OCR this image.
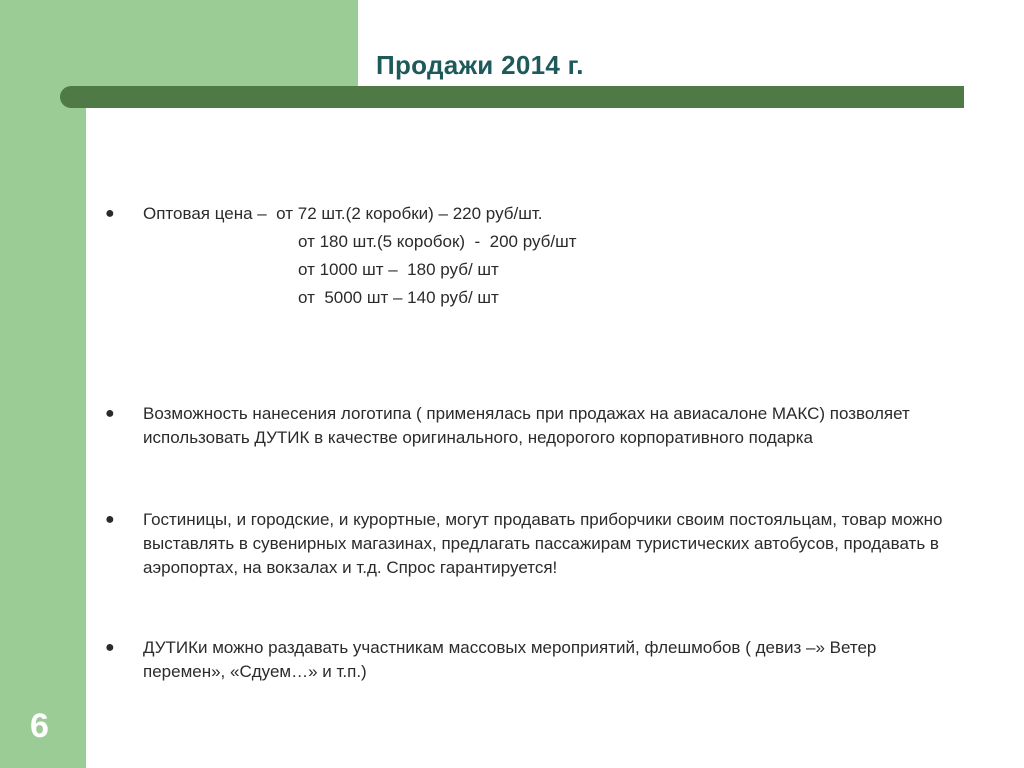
Продажи 2014 г.
● Оптовая цена –  от 72 шт.(2 коробки) – 220 руб/шт.

от 180 шт.(5 коробок)  -  200 руб/шт
от 1000 шт –  180 руб/ шт
от  5000 шт – 140 руб/ шт
● Возможность нанесения логотипа ( применялась при продажах на авиасалоне МАКС) позволяет использовать ДУТИК в качестве оригинального, недорогого корпоративного подарка

● Гостиницы, и городские, и курортные, могут продавать приборчики своим постояльцам, товар можно выставлять в сувенирных магазинах, предлагать пассажирам туристических автобусов, продавать в аэропортах, на вокзалах и т.д. Спрос гарантируется!

● ДУТИКи можно раздавать участникам массовых мероприятий, флешмобов ( девиз –» Ветер перемен», «Сдуем…» и т.п.)

6
